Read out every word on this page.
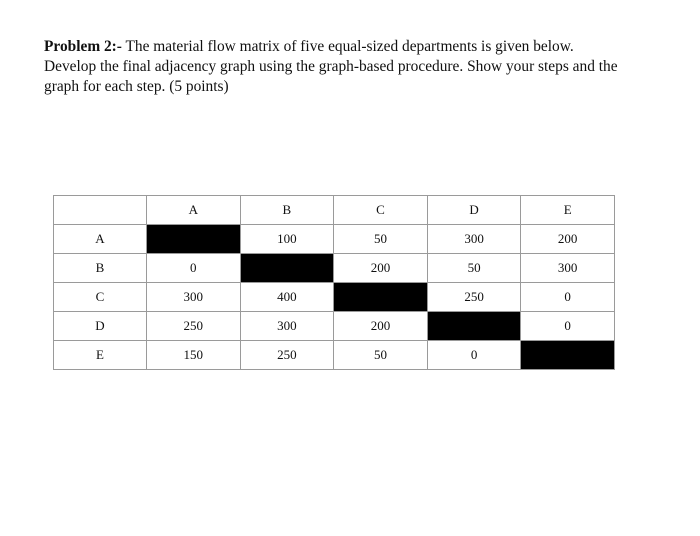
Problem 2:- The material flow matrix of five equal-sized departments is given below. Develop the final adjacency graph using the graph-based procedure. Show your steps and the graph for each step. (5 points)

	A	B	C	D	E
A		100	50	300	200
B	0		200	50	300
C	300	400		250	0
D	250	300	200		0
E	150	250	50	0	
